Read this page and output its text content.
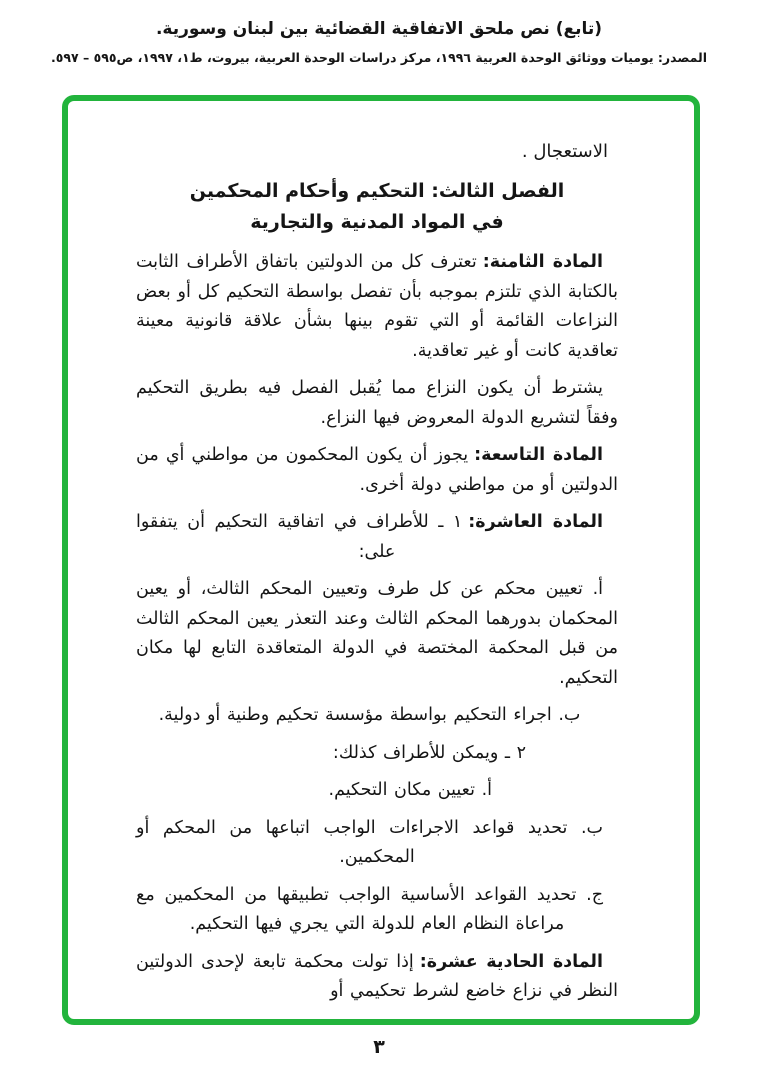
(تابع) نص ملحق الاتفاقية القضائية بين لبنان وسورية.
المصدر: يوميات ووثائق الوحدة العربية ١٩٩٦، مركز دراسات الوحدة العربية، بيروت، ط١، ١٩٩٧، ص٥٩٥ – ٥٩٧.

الاستعجال .

الفصل الثالث: التحكيم وأحكام المحكمين
في المواد المدنية والتجارية

المادة الثامنة:تعترف كل من الدولتين باتفاق الأطراف الثابت بالكتابة الذي تلتزم بموجبه بأن تفصل بواسطة التحكيم كل أو بعض النزاعات القائمة أو التي تقوم بينها بشأن علاقة قانونية معينة تعاقدية كانت أو غير تعاقدية.

يشترط أن يكون النزاع مما يُقبل الفصل فيه بطريق التحكيم وفقاً لتشريع الدولة المعروض فيها النزاع.

المادة التاسعة:يجوز أن يكون المحكمون من مواطني أي من الدولتين أو من مواطني دولة أخرى.

المادة العاشرة:١ ـ للأطراف في اتفاقية التحكيم أن يتفقوا على:

أ. تعيين محكم عن كل طرف وتعيين المحكم الثالث، أو يعين المحكمان بدورهما المحكم الثالث وعند التعذر يعين المحكم الثالث من قبل المحكمة المختصة في الدولة المتعاقدة التابع لها مكان التحكيم.

ب. اجراء التحكيم بواسطة مؤسسة تحكيم وطنية أو دولية.

٢ ـ ويمكن للأطراف كذلك:

أ. تعيين مكان التحكيم.

ب. تحديد قواعد الاجراءات الواجب اتباعها من المحكم أو المحكمين.

ج. تحديد القواعد الأساسية الواجب تطبيقها من المحكمين مع مراعاة النظام العام للدولة التي يجري فيها التحكيم.

المادة الحادية عشرة:إذا تولت محكمة تابعة لإحدى الدولتين النظر في نزاع خاضع لشرط تحكيمي أو

٣
